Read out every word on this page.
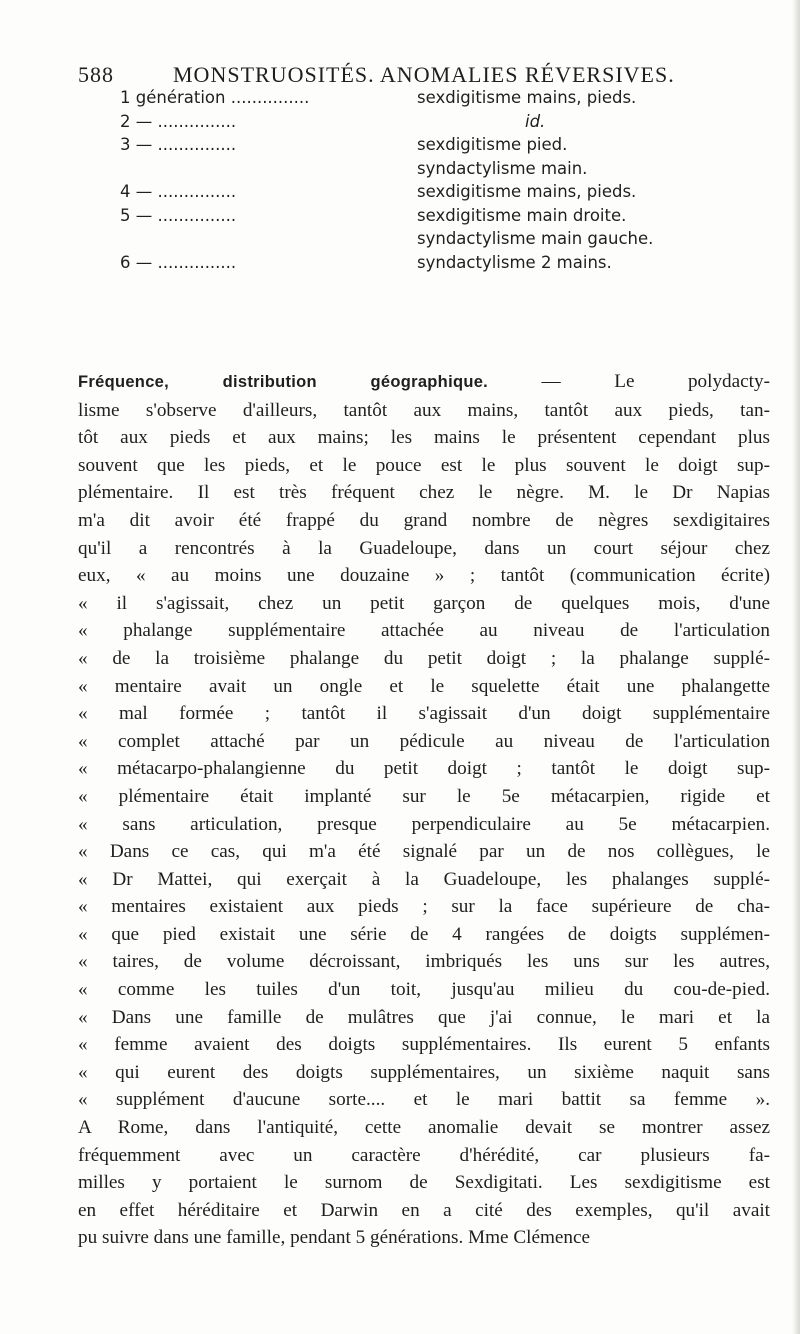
588	MONSTRUOSITÉS. ANOMALIES RÉVERSIVES.
1 génération ...............	sexdigitisme mains, pieds.
2 — ...............	id.
3 — ...............	sexdigitisme pied.
syndactylisme main.
4 — ...............	sexdigitisme mains, pieds.
5 — ...............	sexdigitisme main droite.
syndactylisme main gauche.
6 — ...............	syndactylisme 2 mains.

Fréquence, distribution géographique. — Le polydacty-

lisme s'observe d'ailleurs, tantôt aux mains, tantôt aux pieds, tan-

tôt aux pieds et aux mains; les mains le présentent cependant plus

souvent que les pieds, et le pouce est le plus souvent le doigt sup-

plémentaire. Il est très fréquent chez le nègre. M. le Dr Napias

m'a dit avoir été frappé du grand nombre de nègres sexdigitaires

qu'il a rencontrés à la Guadeloupe, dans un court séjour chez

eux, « au moins une douzaine » ; tantôt (communication écrite)

« il s'agissait, chez un petit garçon de quelques mois, d'une

« phalange supplémentaire attachée au niveau de l'articulation

« de la troisième phalange du petit doigt ; la phalange supplé-

« mentaire avait un ongle et le squelette était une phalangette

« mal formée ; tantôt il s'agissait d'un doigt supplémentaire

« complet attaché par un pédicule au niveau de l'articulation

« métacarpo-phalangienne du petit doigt ; tantôt le doigt sup-

« plémentaire était implanté sur le 5e métacarpien, rigide et

« sans articulation, presque perpendiculaire au 5e métacarpien.

« Dans ce cas, qui m'a été signalé par un de nos collègues, le

« Dr Mattei, qui exerçait à la Guadeloupe, les phalanges supplé-

« mentaires existaient aux pieds ; sur la face supérieure de cha-

« que pied existait une série de 4 rangées de doigts supplémen-

« taires, de volume décroissant, imbriqués les uns sur les autres,

« comme les tuiles d'un toit, jusqu'au milieu du cou-de-pied.

« Dans une famille de mulâtres que j'ai connue, le mari et la

« femme avaient des doigts supplémentaires. Ils eurent 5 enfants

« qui eurent des doigts supplémentaires, un sixième naquit sans

« supplément d'aucune sorte.... et le mari battit sa femme ».

A Rome, dans l'antiquité, cette anomalie devait se montrer assez

fréquemment avec un caractère d'hérédité, car plusieurs fa-

milles y portaient le surnom de Sexdigitati. Les sexdigitisme est

en effet héréditaire et Darwin en a cité des exemples, qu'il avait

pu suivre dans une famille, pendant 5 générations. Mme Clémence
